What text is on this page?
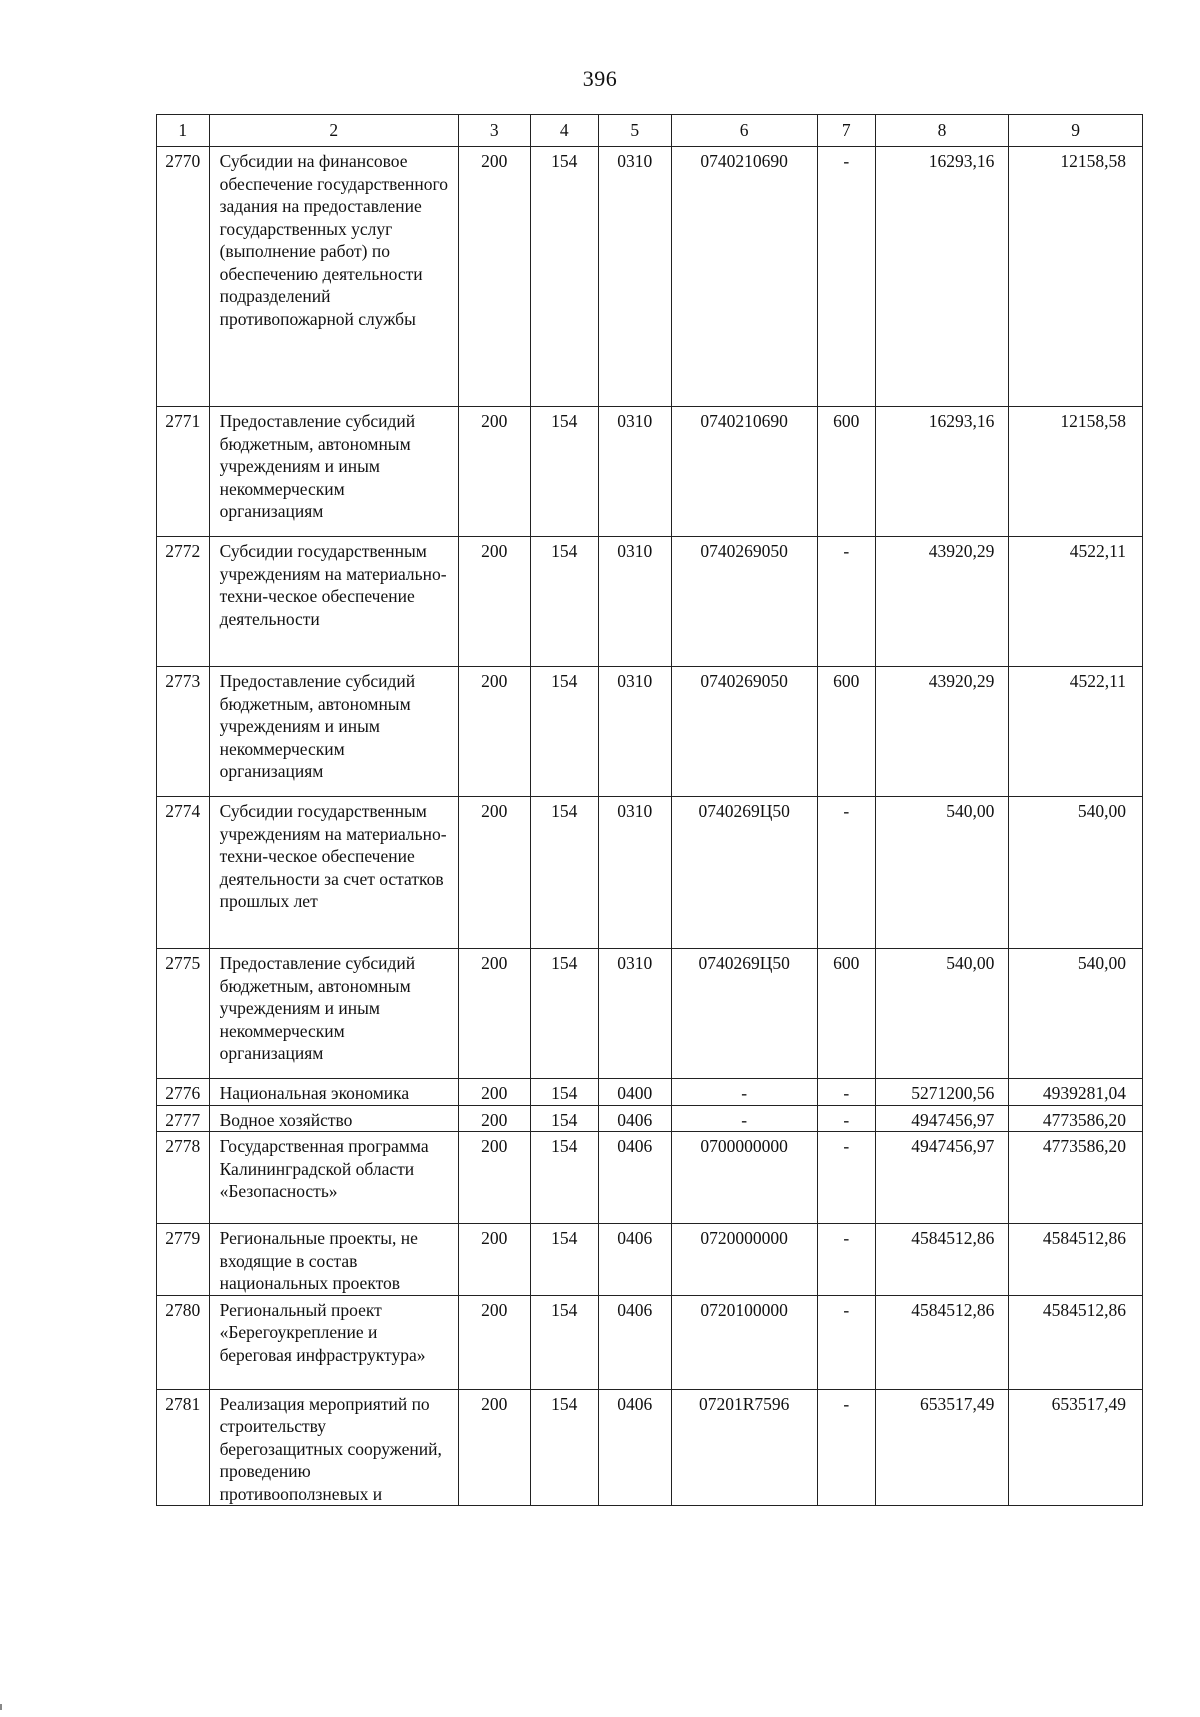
396
1	2	3	4	5	6	7	8	9
2770	Субсидии на финансовое обеспечение государственного задания на предоставление государственных услуг (выполнение работ) по обеспечению деятельности подразделений противопожарной службы	200	154	0310	0740210690	-	16293,16	12158,58
2771	Предоставление субсидий бюджетным, автономным учреждениям и иным некоммерческим организациям	200	154	0310	0740210690	600	16293,16	12158,58
2772	Субсидии государственным учреждениям на материально-техни-ческое обеспечение деятельности	200	154	0310	0740269050	-	43920,29	4522,11
2773	Предоставление субсидий бюджетным, автономным учреждениям и иным некоммерческим организациям	200	154	0310	0740269050	600	43920,29	4522,11
2774	Субсидии государственным учреждениям на материально-техни-ческое обеспечение деятельности за счет остатков прошлых лет	200	154	0310	0740269Ц50	-	540,00	540,00
2775	Предоставление субсидий бюджетным, автономным учреждениям и иным некоммерческим организациям	200	154	0310	0740269Ц50	600	540,00	540,00
2776	Национальная экономика	200	154	0400	-	-	5271200,56	4939281,04
2777	Водное хозяйство	200	154	0406	-	-	4947456,97	4773586,20
2778	Государственная программа Калининградской области «Безопасность»	200	154	0406	0700000000	-	4947456,97	4773586,20
2779	Региональные проекты, не входящие в состав национальных проектов	200	154	0406	0720000000	-	4584512,86	4584512,86
2780	Региональный проект «Берегоукрепление и береговая инфраструктура»	200	154	0406	0720100000	-	4584512,86	4584512,86
2781	Реализация мероприятий по строительству берегозащитных сооружений, проведению противооползневых и	200	154	0406	07201R7596	-	653517,49	653517,49
